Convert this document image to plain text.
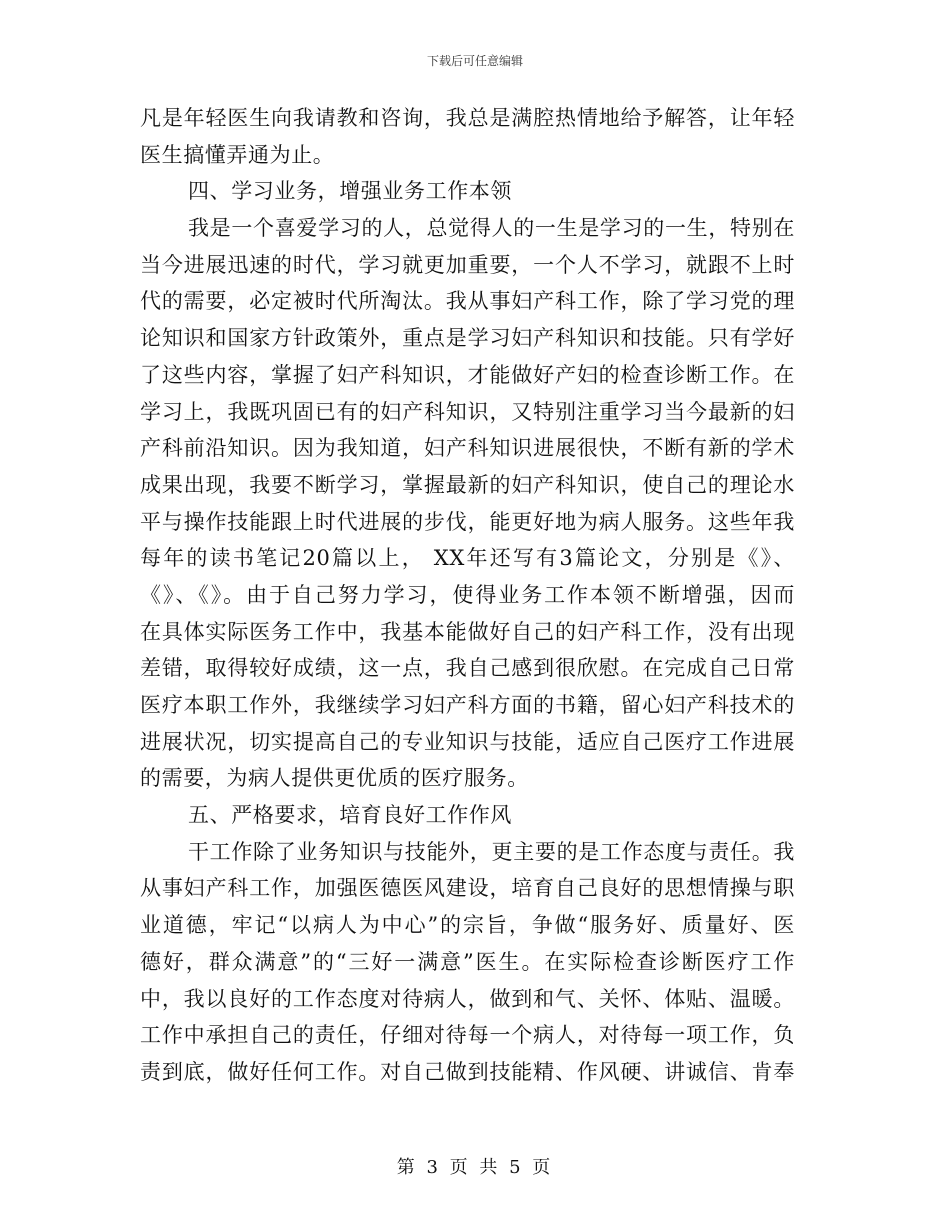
下载后可任意编辑
凡是年轻医生向我请教和咨询，我总是满腔热情地给予解答，让年轻
医生搞懂弄通为止。
四、学习业务，增强业务工作本领
我是一个喜爱学习的人，总觉得人的一生是学习的一生，特别在
当今进展迅速的时代，学习就更加重要，一个人不学习，就跟不上时
代的需要，必定被时代所淘汰。我从事妇产科工作，除了学习党的理
论知识和国家方针政策外，重点是学习妇产科知识和技能。只有学好
了这些内容，掌握了妇产科知识，才能做好产妇的检查诊断工作。在
学习上，我既巩固已有的妇产科知识，又特别注重学习当今最新的妇
产科前沿知识。因为我知道，妇产科知识进展很快，不断有新的学术
成果出现，我要不断学习，掌握最新的妇产科知识，使自己的理论水
平与操作技能跟上时代进展的步伐，能更好地为病人服务。这些年我
每年的读书笔记20篇以上， XX年还写有3篇论文，分别是《》、
《》、《》。由于自己努力学习，使得业务工作本领不断增强，因而
在具体实际医务工作中，我基本能做好自己的妇产科工作，没有出现
差错，取得较好成绩，这一点，我自己感到很欣慰。在完成自己日常
医疗本职工作外，我继续学习妇产科方面的书籍，留心妇产科技术的
进展状况，切实提高自己的专业知识与技能，适应自己医疗工作进展
的需要，为病人提供更优质的医疗服务。
五、严格要求，培育良好工作作风
干工作除了业务知识与技能外，更主要的是工作态度与责任。我
从事妇产科工作，加强医德医风建设，培育自己良好的思想情操与职
业道德，牢记“以病人为中心”的宗旨，争做“服务好、质量好、医
德好，群众满意”的“三好一满意”医生。在实际检查诊断医疗工作
中，我以良好的工作态度对待病人，做到和气、关怀、体贴、温暖。
工作中承担自己的责任，仔细对待每一个病人，对待每一项工作，负
责到底，做好任何工作。对自己做到技能精、作风硬、讲诚信、肯奉
第 3 页 共 5 页
